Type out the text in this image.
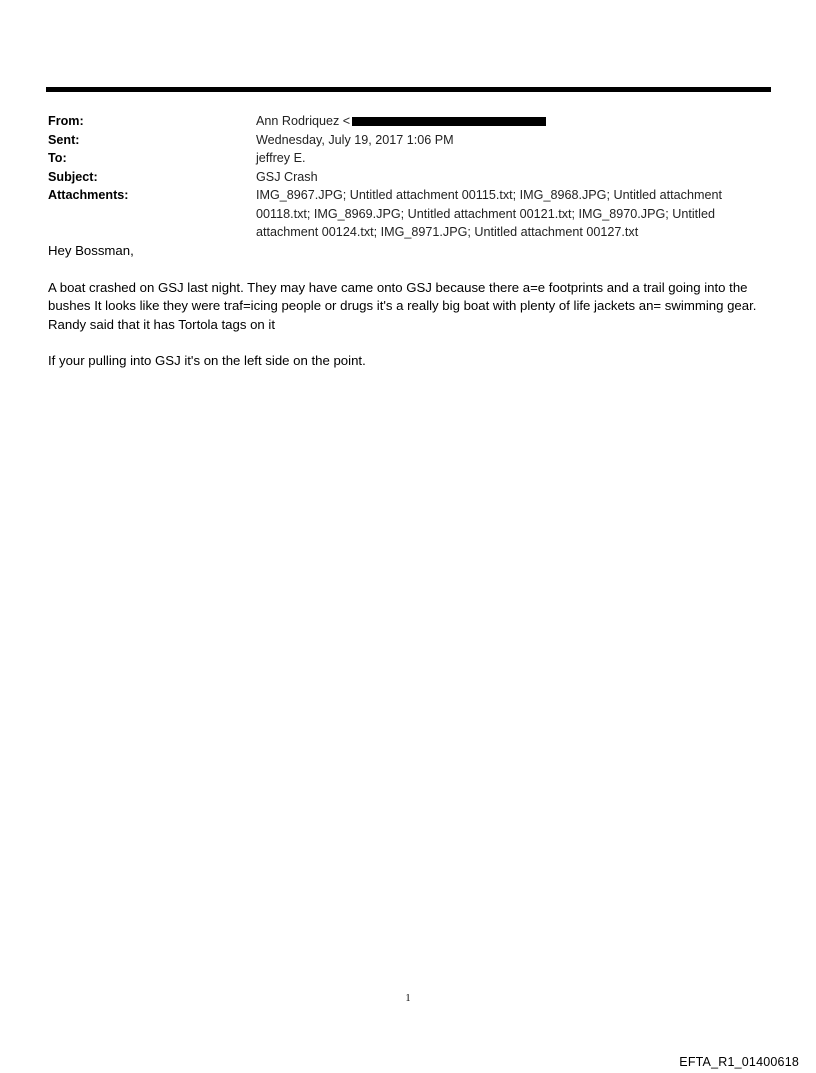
From:	Ann Rodriquez <
Sent:	Wednesday, July 19, 2017 1:06 PM
To:	jeffrey E.
Subject:	GSJ Crash
Attachments:	IMG_8967.JPG; Untitled attachment 00115.txt; IMG_8968.JPG; Untitled attachment
00118.txt; IMG_8969.JPG; Untitled attachment 00121.txt; IMG_8970.JPG; Untitled
attachment 00124.txt; IMG_8971.JPG; Untitled attachment 00127.txt

Hey Bossman,

A boat crashed on GSJ last night. They may have came onto GSJ because there a=e footprints and a trail going into the bushes It looks like they were traf=icing people or drugs it's a really big boat with plenty of life jackets an= swimming gear. Randy said that it has Tortola tags on it

If your pulling into GSJ it's on the left side on the point.

1
EFTA_R1_01400618
